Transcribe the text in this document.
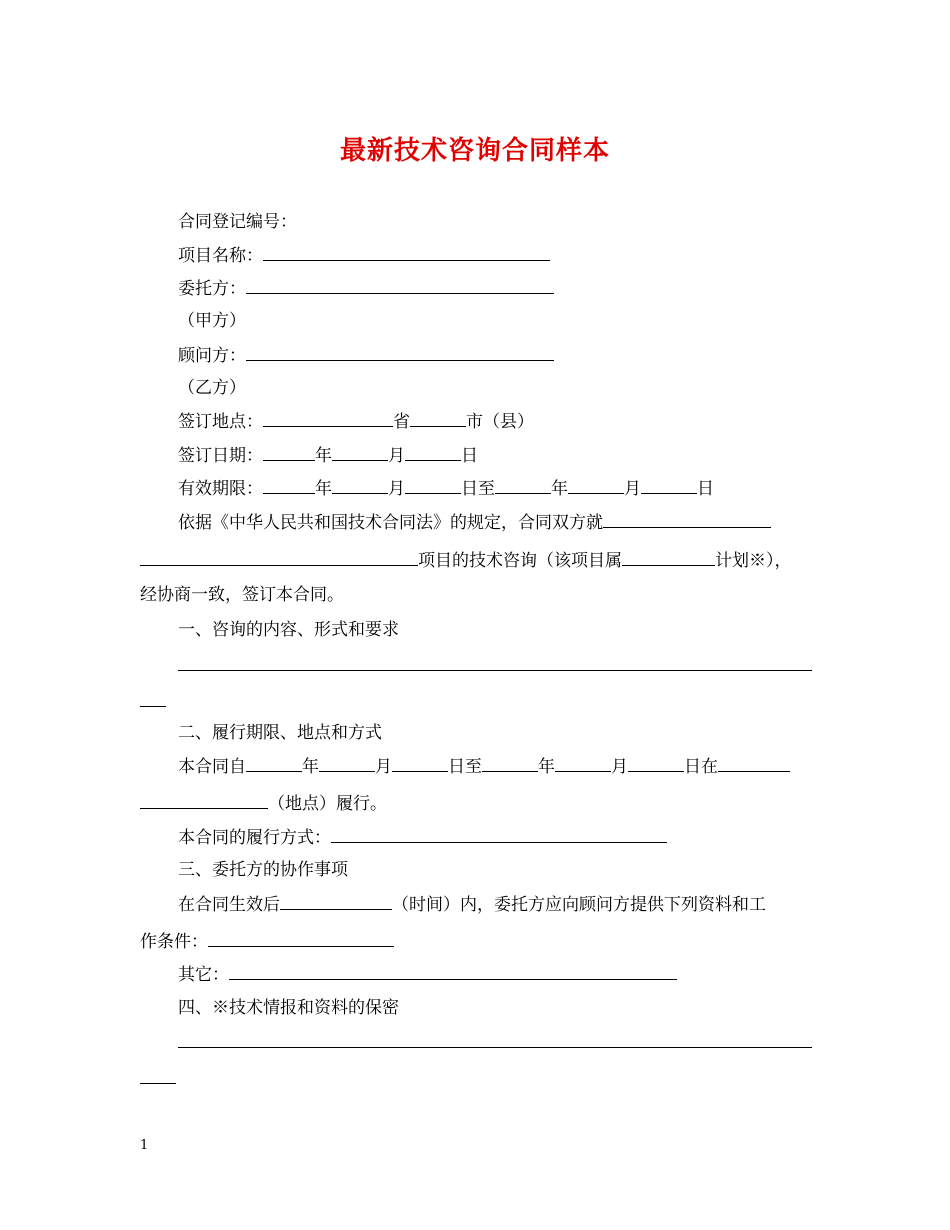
最新技术咨询合同样本
合同登记编号：
项目名称：
委托方：
（甲方）
顾问方：
（乙方）
签订地点：	省	市（县）
签订日期：	年	月	日
有效期限：	年	月	日至	年	月	日
依据《中华人民共和国技术合同法》的规定，合同双方就
项目的技术咨询（该项目属	计划※），
经协商一致，签订本合同。
一、咨询的内容、形式和要求
二、履行期限、地点和方式
本合同自	年	月	日至	年	月	日在
（地点）履行。
本合同的履行方式：
三、委托方的协作事项
在合同生效后	（时间）内，委托方应向顾问方提供下列资料和工
作条件：
其它：
四、※技术情报和资料的保密
1
